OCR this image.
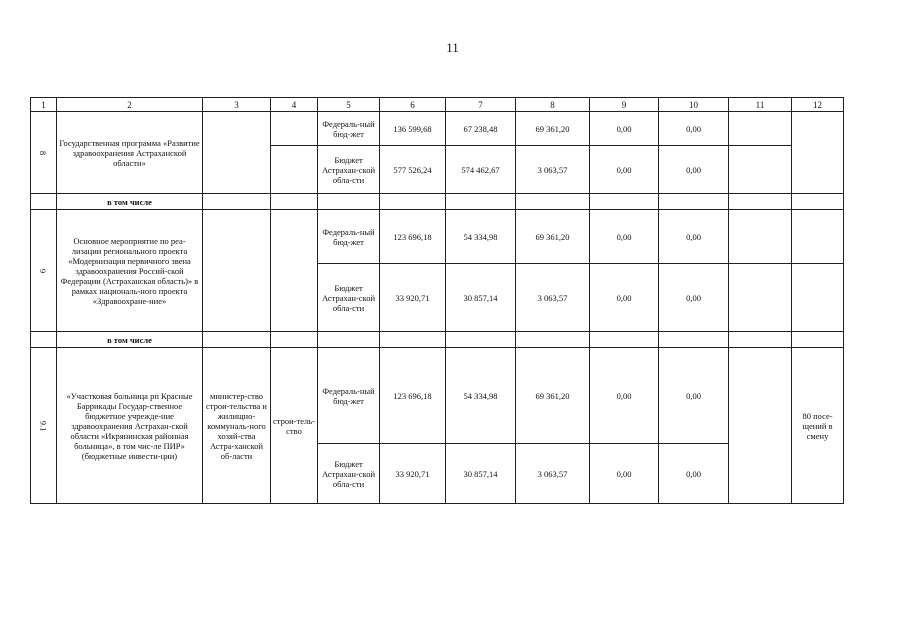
11
.
1	2	3	4	5	6	7	8	9	10	11	12
8	Государственная программа «Развитие здравоохранения Астраханской области»			Федераль-ный бюд-жет	136 599,68	67 238,48	69 361,20	0,00	0,00		
				Бюджет Астрахан-ской обла-сти	577 526,24	574 462,67	3 063,57	0,00	0,00		
	в том числе										
9	Основное мероприятие по реа-лизации регионального проекта «Модернизация первичного звена здравоохранения Россий-ской Федерации (Астраханская область)» в рамках националь-ного проекта «Здравоохране-ние»			Федераль-ный бюд-жет	123 696,18	54 334,98	69 361,20	0,00	0,00		
				Бюджет Астрахан-ской обла-сти	33 920,71	30 857,14	3 063,57	0,00	0,00		
	в том числе										
9.1	«Участковая больница рп Красные Баррикады Государ-ственное бюджетное учрежде-ние здравоохранения Астрахан-ской области «Икрянинская районная больница», в том чис-ле ПИР» (бюджетные инвести-ции)	министер-ство строи-тельства и жилищно-коммуналь-ного хозяй-ства Астра-ханской об-ласти	строи-тель-ство	Федераль-ный бюд-жет	123 696,18	54 334,98	69 361,20	0,00	0,00		80 посе-щений в смену
				Бюджет Астрахан-ской обла-сти	33 920,71	30 857,14	3 063,57	0,00	0,00		
